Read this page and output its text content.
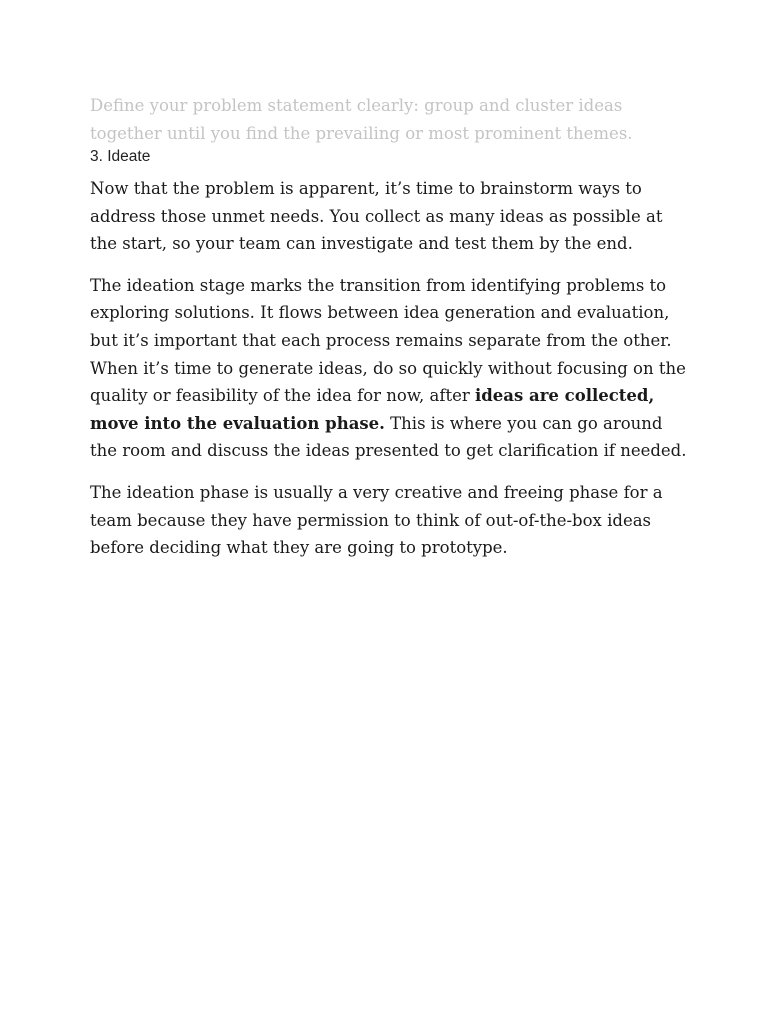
Define your problem statement clearly: group and cluster ideas together until you find the prevailing or most prominent themes.

3. Ideate

Now that the problem is apparent, it’s time to brainstorm ways to address those unmet needs. You collect as many ideas as possible at the start, so your team can investigate and test them by the end.

The ideation stage marks the transition from identifying problems to exploring solutions. It flows between idea generation and evaluation, but it’s important that each process remains separate from the other. When it’s time to generate ideas, do so quickly without focusing on the quality or feasibility of the idea for now, after ideas are collected, move into the evaluation phase. This is where you can go around the room and discuss the ideas presented to get clarification if needed.

The ideation phase is usually a very creative and freeing phase for a team because they have permission to think of out-of-the-box ideas before deciding what they are going to prototype.
